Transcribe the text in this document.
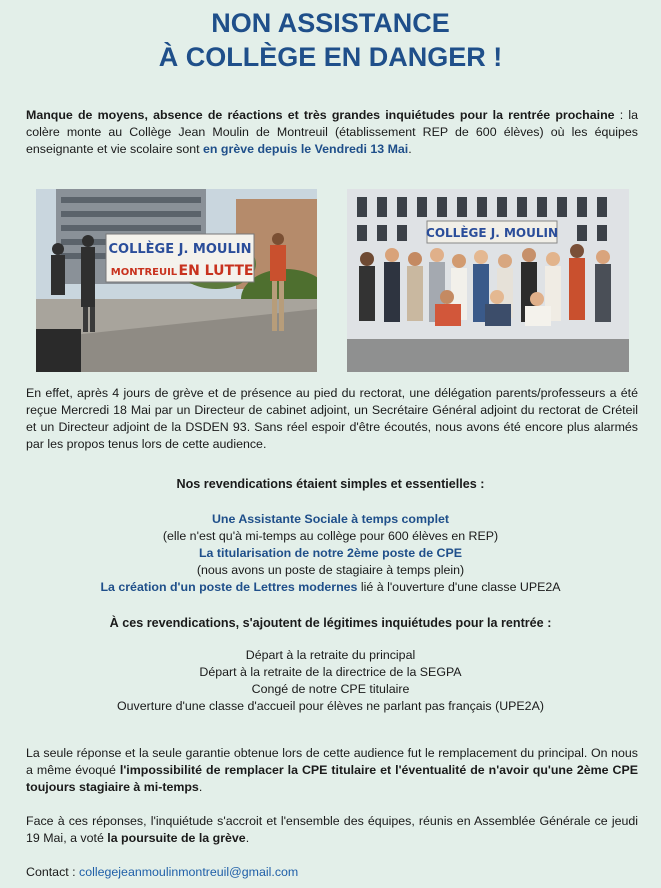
NON ASSISTANCE
À COLLÈGE EN DANGER !

Manque de moyens, absence de réactions et très grandes inquiétudes pour la rentrée prochaine : la colère monte au Collège Jean Moulin de Montreuil (établissement REP de 600 élèves) où les équipes enseignante et vie scolaire sont en grève depuis le Vendredi 13 Mai.

COLLÈGE J. MOULIN
MONTREUIL EN LUTTE
COLLÈGE J. MOULIN

En effet, après 4 jours de grève et de présence au pied du rectorat, une délégation parents/professeurs a été reçue Mercredi 18 Mai par un Directeur de cabinet adjoint, un Secrétaire Général adjoint du rectorat de Créteil et un Directeur adjoint de la DSDEN 93. Sans réel espoir d'être écoutés, nous avons été encore plus alarmés par les propos tenus lors de cette audience.

Nos revendications étaient simples et essentielles :

Une Assistante Sociale à temps complet

(elle n'est qu'à mi-temps au collège pour 600 élèves en REP)

La titularisation de notre 2ème poste de CPE

(nous avons un poste de stagiaire à temps plein)

La création d'un poste de Lettres modernes lié à l'ouverture d'une classe UPE2A

À ces revendications, s'ajoutent de légitimes inquiétudes pour la rentrée :

Départ à la retraite du principal

Départ à la retraite de la directrice de la SEGPA

Congé de notre CPE titulaire

Ouverture d'une classe d'accueil pour élèves ne parlant pas français (UPE2A)

La seule réponse et la seule garantie obtenue lors de cette audience fut le remplacement du principal. On nous a même évoqué l'impossibilité de remplacer la CPE titulaire et l'éventualité de n'avoir qu'une 2ème CPE toujours stagiaire à mi-temps.

Face à ces réponses, l'inquiétude s'accroit et l'ensemble des équipes, réunis en Assemblée Générale ce jeudi 19 Mai, a voté la poursuite de la grève.

Contact : collegejeanmoulinmontreuil@gmail.com
